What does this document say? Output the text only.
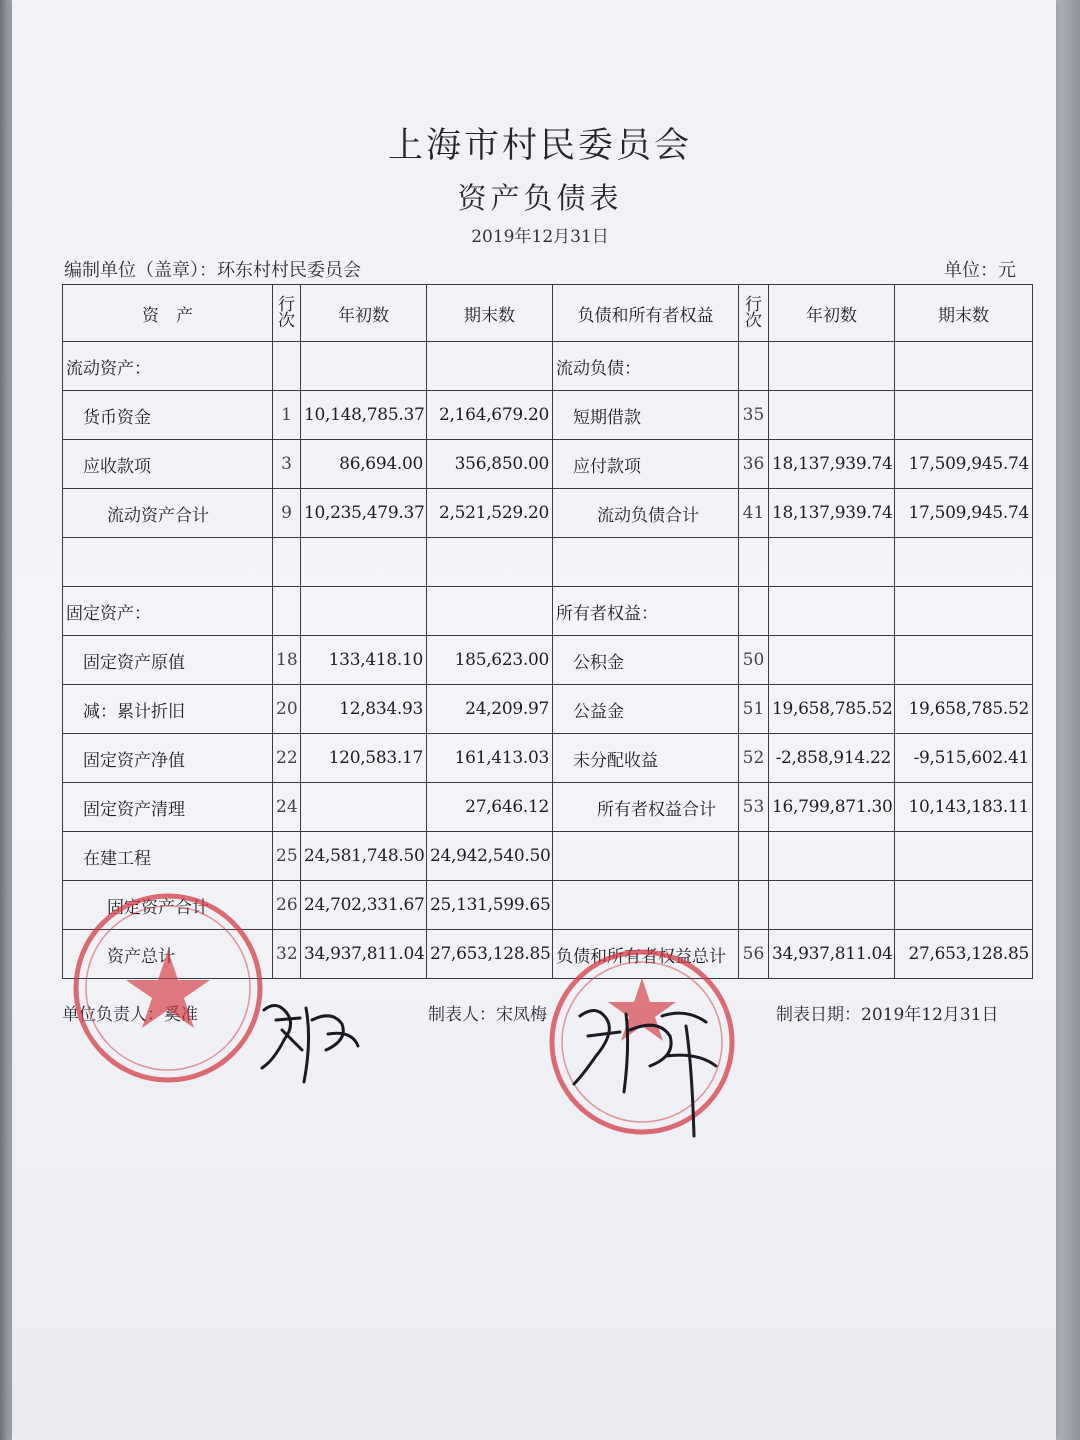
上海市村民委员会
资产负债表
2019年12月31日
编制单位（盖章）：环东村村民委员会	单位：元
资　产	行次	年初数	期末数	负债和所有者权益	行次	年初数	期末数
流动资产：				流动负债：			
货币资金	1	10,148,785.37	2,164,679.20	短期借款	35		
应收款项	3	86,694.00	356,850.00	应付款项	36	18,137,939.74	17,509,945.74
流动资产合计	9	10,235,479.37	2,521,529.20	流动负债合计	41	18,137,939.74	17,509,945.74

固定资产：				所有者权益：			
固定资产原值	18	133,418.10	185,623.00	公积金	50		
减：累计折旧	20	12,834.93	24,209.97	公益金	51	19,658,785.52	19,658,785.52
固定资产净值	22	120,583.17	161,413.03	未分配收益	52	-2,858,914.22	-9,515,602.41
固定资产清理	24		27,646.12	所有者权益合计	53	16,799,871.30	10,143,183.11
在建工程	25	24,581,748.50	24,942,540.50				
固定资产合计	26	24,702,331.67	25,131,599.65				
资产总计	32	34,937,811.04	27,653,128.85	负债和所有者权益总计	56	34,937,811.04	27,653,128.85
单位负责人：奚准	制表人：宋凤梅	制表日期：2019年12月31日
